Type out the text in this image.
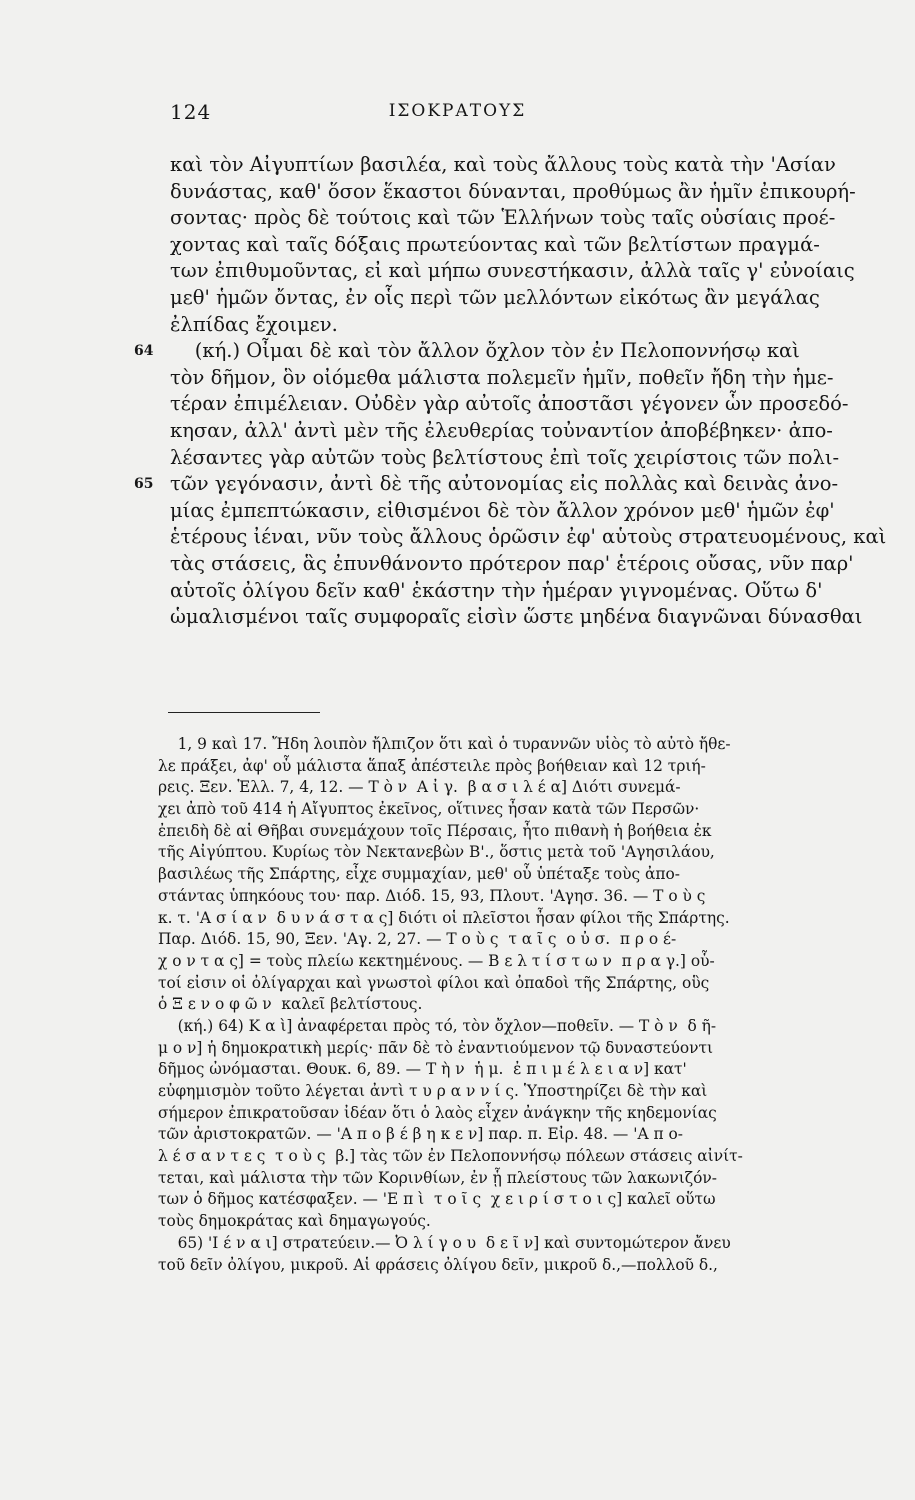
124	ΙΣΟΚΡΑΤΟΥΣ
καὶ τὸν Αἰγυπτίων βασιλέα, καὶ τοὺς ἄλλους τοὺς κατὰ τὴν 'Ασίαν
δυνάστας, καθ' ὅσον ἕκαστοι δύνανται, προθύμως ἂν ἡμῖν ἐπικουρή-
σοντας· πρὸς δὲ τούτοις καὶ τῶν Ἑλλήνων τοὺς ταῖς οὐσίαις προέ-
χοντας καὶ ταῖς δόξαις πρωτεύοντας καὶ τῶν βελτίστων πραγμά-
των ἐπιθυμοῦντας, εἰ καὶ μήπω συνεστήκασιν, ἀλλὰ ταῖς γ' εὐνοίαις
μεθ' ἡμῶν ὄντας, ἐν οἷς περὶ τῶν μελλόντων εἰκότως ἂν μεγάλας
ἐλπίδας ἔχοιμεν.
64 (κή.) Οἶμαι δὲ καὶ τὸν ἄλλον ὄχλον τὸν ἐν Πελοποννήσῳ καὶ
τὸν δῆμον, ὃν οἰόμεθα μάλιστα πολεμεῖν ἡμῖν, ποθεῖν ἤδη τὴν ἡμε-
τέραν ἐπιμέλειαν. Οὐδὲν γὰρ αὐτοῖς ἀποστᾶσι γέγονεν ὧν προσεδό-
κησαν, ἀλλ' ἀντὶ μὲν τῆς ἐλευθερίας τοὐναντίον ἀποβέβηκεν· ἀπο-
λέσαντες γὰρ αὐτῶν τοὺς βελτίστους ἐπὶ τοῖς χειρίστοις τῶν πολι-
65 τῶν γεγόνασιν, ἀντὶ δὲ τῆς αὐτονομίας εἰς πολλὰς καὶ δεινὰς ἀνο-
μίας ἐμπεπτώκασιν, εἰθισμένοι δὲ τὸν ἄλλον χρόνον μεθ' ἡμῶν ἐφ'
ἑτέρους ἰέναι, νῦν τοὺς ἄλλους ὁρῶσιν ἐφ' αὑτοὺς στρατευομένους, καὶ
τὰς στάσεις, ἃς ἐπυνθάνοντο πρότερον παρ' ἑτέροις οὔσας, νῦν παρ'
αὑτοῖς ὀλίγου δεῖν καθ' ἑκάστην τὴν ἡμέραν γιγνομένας. Οὕτω δ'
ὡμαλισμένοι ταῖς συμφοραῖς εἰσὶν ὥστε μηδένα διαγνῶναι δύνασθαι
1, 9 καὶ 17. Ἤδη λοιπὸν ἤλπιζον ὅτι καὶ ὁ τυραννῶν υἱὸς τὸ αὐτὸ ἤθε-
λε πράξει, ἀφ' οὗ μάλιστα ἅπαξ ἀπέστειλε πρὸς βοήθειαν καὶ 12 τριή-
ρεις. Ξεν. Ἑλλ. 7, 4, 12. — Τ ὸ ν  Α ἰ γ.  β α σ ι λ έ α] Διότι συνεμά-
χει ἀπὸ τοῦ 414 ἡ Αἴγυπτος ἐκεῖνος, οἵτινες ἦσαν κατὰ τῶν Περσῶν·
ἐπειδὴ δὲ αἱ Θῆβαι συνεμάχουν τοῖς Πέρσαις, ἦτο πιθανὴ ἡ βοήθεια ἐκ
τῆς Αἰγύπτου. Κυρίως τὸν Νεκτανεβὼν Β'., ὅστις μετὰ τοῦ 'Αγησιλάου,
βασιλέως τῆς Σπάρτης, εἶχε συμμαχίαν, μεθ' οὗ ὑπέταξε τοὺς ἀπο-
στάντας ὑπηκόους του· παρ. Διόδ. 15, 93, Πλουτ. 'Αγησ. 36. — Τ ο ὺ ς
κ. τ. 'Α σ ί α ν  δ υ ν ά σ τ α ς] διότι οἱ πλεῖστοι ἦσαν φίλοι τῆς Σπάρτης.
Παρ. Διόδ. 15, 90, Ξεν. 'Αγ. 2, 27. — Τ ο ὺ ς  τ α ῖ ς  ο ὐ σ.  π ρ ο έ-
χ ο ν τ α ς] = τοὺς πλείω κεκτημένους. — Β ε λ τ ί σ τ ω ν  π ρ α γ.] οὗ-
τοί εἰσιν οἱ ὀλίγαρχαι καὶ γνωστοὶ φίλοι καὶ ὀπαδοὶ τῆς Σπάρτης, οὓς
ὁ Ξ ε ν ο φ ῶ ν  καλεῖ βελτίστους.
(κή.) 64) Κ α ὶ] ἀναφέρεται πρὸς τό, τὸν ὄχλον—ποθεῖν. — Τ ὸ ν  δ ῆ-
μ ο ν] ἡ δημοκρατικὴ μερίς· πᾶν δὲ τὸ ἐναντιούμενον τῷ δυναστεύοντι
δῆμος ὠνόμασται. Θουκ. 6, 89. — Τ ὴ ν  ἡ μ.  ἐ π ι μ έ λ ε ι α ν] κατ'
εὐφημισμὸν τοῦτο λέγεται ἀντὶ τ υ ρ α ν ν ί ς. Ὑποστηρίζει δὲ τὴν καὶ
σήμερον ἐπικρατοῦσαν ἰδέαν ὅτι ὁ λαὸς εἶχεν ἀνάγκην τῆς κηδεμονίας
τῶν ἀριστοκρατῶν. — 'Α π ο β έ β η κ ε ν] παρ. π. Εἰρ. 48. — 'Α π ο-
λ έ σ α ν τ ε ς  τ ο ὺ ς  β.] τὰς τῶν ἐν Πελοποννήσῳ πόλεων στάσεις αἰνίτ-
τεται, καὶ μάλιστα τὴν τῶν Κορινθίων, ἐν ᾗ πλείστους τῶν λακωνιζόν-
των ὁ δῆμος κατέσφαξεν. — 'Ε π ὶ  τ ο ῖ ς  χ ε ι ρ ί σ τ ο ι ς] καλεῖ οὕτω
τοὺς δημοκράτας καὶ δημαγωγούς.
65) 'Ι έ ν α ι] στρατεύειν.— Ὀ λ ί γ ο υ  δ ε ῖ ν] καὶ συντομώτερον ἄνευ
τοῦ δεῖν ὀλίγου, μικροῦ. Αἱ φράσεις ὀλίγου δεῖν, μικροῦ δ.,—πολλοῦ δ.,
